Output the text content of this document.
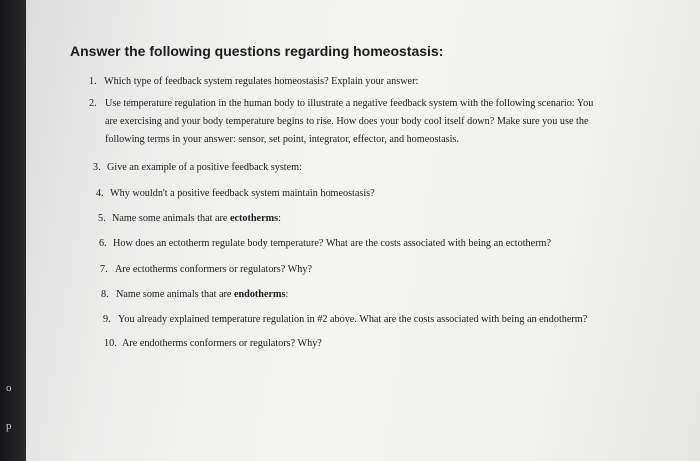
o
p
Answer the following questions regarding homeostasis:
1. Which type of feedback system regulates homeostasis? Explain your answer:
2. Use temperature regulation in the human body to illustrate a negative feedback system with the following scenario: You
are exercising and your body temperature begins to rise. How does your body cool itself down? Make sure you use the
following terms in your answer: sensor, set point, integrator, effector, and homeostasis.
3. Give an example of a positive feedback system:
4. Why wouldn't a positive feedback system maintain homeostasis?
5. Name some animals that are ectotherms:
6. How does an ectotherm regulate body temperature? What are the costs associated with being an ectotherm?
7. Are ectotherms conformers or regulators? Why?
8. Name some animals that are endotherms:
9. You already explained temperature regulation in #2 above. What are the costs associated with being an endotherm?
10. Are endotherms conformers or regulators? Why?
